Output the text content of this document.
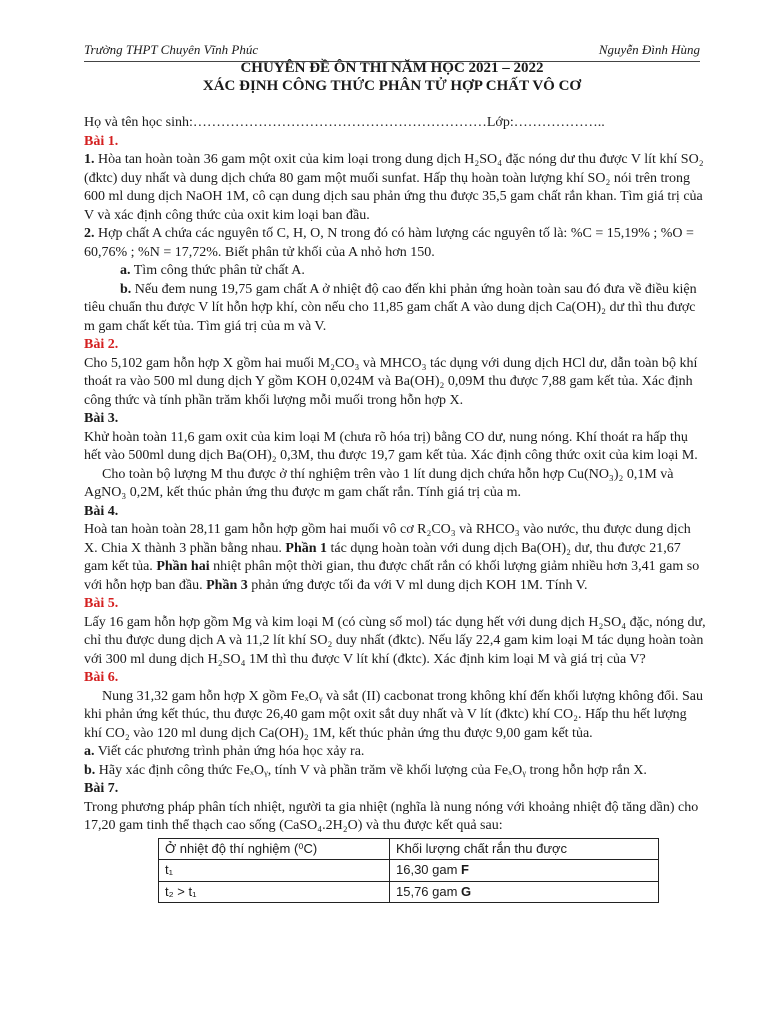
Trường THPT Chuyên Vĩnh Phúc	Nguyễn Đình Hùng
CHUYÊN ĐỀ ÔN THI NĂM HỌC 2021 – 2022
XÁC ĐỊNH CÔNG THỨC PHÂN TỬ HỢP CHẤT VÔ CƠ

Họ và tên học sinh:………………………………………………………Lớp:………………..

Bài 1.

1. Hòa tan hoàn toàn 36 gam một oxit của kim loại trong dung dịch H₂SO₄ đặc nóng dư thu được V lít khí SO₂ (đktc) duy nhất và dung dịch chứa 80 gam một muối sunfat. Hấp thụ hoàn toàn lượng khí SO₂ nói trên trong 600 ml dung dịch NaOH 1M, cô cạn dung dịch sau phản ứng thu được 35,5 gam chất rắn khan. Tìm giá trị của V và xác định công thức của oxit kim loại ban đầu.

2. Hợp chất A chứa các nguyên tố C, H, O, N trong đó có hàm lượng các nguyên tố là: %C = 15,19% ; %O = 60,76% ; %N = 17,72%. Biết phân tử khối của A nhỏ hơn 150.

a. Tìm công thức phân tử chất A.

b. Nếu đem nung 19,75 gam chất A ở nhiệt độ cao đến khi phản ứng hoàn toàn sau đó đưa về điều kiện tiêu chuẩn thu được V lít hỗn hợp khí, còn nếu cho 11,85 gam chất A vào dung dịch Ca(OH)₂ dư thì thu được m gam chất kết tủa. Tìm giá trị của m và V.

Bài 2.

Cho 5,102 gam hỗn hợp X gồm hai muối M₂CO₃ và MHCO₃ tác dụng với dung dịch HCl dư, dẫn toàn bộ khí thoát ra vào 500 ml dung dịch Y gồm KOH 0,024M và Ba(OH)₂ 0,09M thu được 7,88 gam kết tủa. Xác định công thức và tính phần trăm khối lượng mỗi muối trong hỗn hợp X.

Bài 3.

Khử hoàn toàn 11,6 gam oxit của kim loại M (chưa rõ hóa trị) bằng CO dư, nung nóng. Khí thoát ra hấp thụ hết vào 500ml dung dịch Ba(OH)₂ 0,3M, thu được 19,7 gam kết tủa. Xác định công thức oxit của kim loại M.

Cho toàn bộ lượng M thu được ở thí nghiệm trên vào 1 lít dung dịch chứa hỗn hợp Cu(NO₃)₂ 0,1M và AgNO₃ 0,2M, kết thúc phản ứng thu được m gam chất rắn. Tính giá trị của m.

Bài 4.

Hoà tan hoàn toàn 28,11 gam hỗn hợp gồm hai muối vô cơ R₂CO₃ và RHCO₃ vào nước, thu được dung dịch X. Chia X thành 3 phần bằng nhau. Phần 1 tác dụng hoàn toàn với dung dịch Ba(OH)₂ dư, thu được 21,67 gam kết tủa. Phần hai nhiệt phân một thời gian, thu được chất rắn có khối lượng giảm nhiều hơn 3,41 gam so với hỗn hợp ban đầu. Phần 3 phản ứng được tối đa với V ml dung dịch KOH 1M. Tính V.

Bài 5.

Lấy 16 gam hỗn hợp gồm Mg và kim loại M (có cùng số mol) tác dụng hết với dung dịch H₂SO₄ đặc, nóng dư, chỉ thu được dung dịch A và 11,2 lít khí SO₂ duy nhất (đktc). Nếu lấy 22,4 gam kim loại M tác dụng hoàn toàn với 300 ml dung dịch H₂SO₄ 1M thì thu được V lít khí (đktc). Xác định kim loại M và giá trị của V?

Bài 6.

Nung 31,32 gam hỗn hợp X gồm FeₓOᵧ và sắt (II) cacbonat trong không khí đến khối lượng không đổi. Sau khi phản ứng kết thúc, thu được 26,40 gam một oxit sắt duy nhất và V lít (đktc) khí CO₂. Hấp thu hết lượng khí CO₂ vào 120 ml dung dịch Ca(OH)₂ 1M, kết thúc phản ứng thu được 9,00 gam kết tủa.

a. Viết các phương trình phản ứng hóa học xảy ra.

b. Hãy xác định công thức FeₓOᵧ, tính V và phần trăm về khối lượng của FeₓOᵧ trong hỗn hợp rắn X.

Bài 7.

Trong phương pháp phân tích nhiệt, người ta gia nhiệt (nghĩa là nung nóng với khoảng nhiệt độ tăng dần) cho 17,20 gam tinh thể thạch cao sống (CaSO₄.2H₂O) và thu được kết quả sau:

Ở nhiệt độ thí nghiệm (⁰C)	Khối lượng chất rắn thu được
t₁	16,30 gam F
t₂ > t₁	15,76 gam G
